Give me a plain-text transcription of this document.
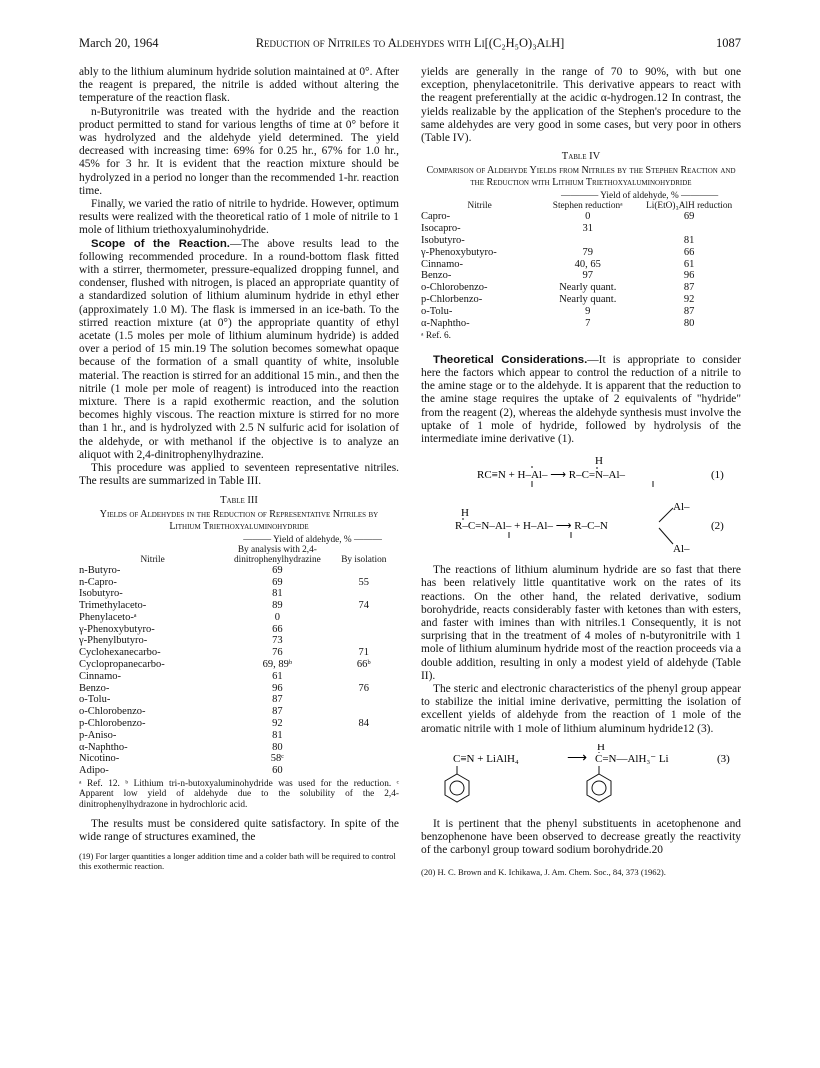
March 20, 1964	Reduction of Nitriles to Aldehydes with Li[(C₂H₅O)₃AlH]	1087

ably to the lithium aluminum hydride solution maintained at 0°. After the reagent is prepared, the nitrile is added without altering the temperature of the reaction flask.

n-Butyronitrile was treated with the hydride and the reaction product permitted to stand for various lengths of time at 0° before it was hydrolyzed and the aldehyde yield determined. The yield decreased with increasing time: 69% for 0.25 hr., 67% for 1.0 hr., 45% for 3 hr. It is evident that the reaction mixture should be hydrolyzed in a period no longer than the recommended 1-hr. reaction time.

Finally, we varied the ratio of nitrile to hydride. However, optimum results were realized with the theoretical ratio of 1 mole of nitrile to 1 mole of lithium triethoxyaluminohydride.

Scope of the Reaction.—The above results lead to the following recommended procedure. In a round-bottom flask fitted with a stirrer, thermometer, pressure-equalized dropping funnel, and condenser, flushed with nitrogen, is placed an appropriate quantity of a standardized solution of lithium aluminum hydride in ethyl ether (approximately 1.0 M). The flask is immersed in an ice-bath. To the stirred reaction mixture (at 0°) the appropriate quantity of ethyl acetate (1.5 moles per mole of lithium aluminum hydride) is added over a period of 15 min.19 The solution becomes somewhat opaque because of the formation of a small quantity of white, insoluble material. The reaction is stirred for an additional 15 min., and then the nitrile (1 mole per mole of reagent) is introduced into the reaction mixture. There is a rapid exothermic reaction, and the solution becomes highly viscous. The reaction mixture is stirred for no more than 1 hr., and is hydrolyzed with 2.5 N sulfuric acid for isolation of the aldehyde, or with methanol if the objective is to analyze an aliquot with 2,4-dinitrophenylhydrazine.

This procedure was applied to seventeen representative nitriles. The results are summarized in Table III.

Table III
Yields of Aldehydes in the Reduction of Representative Nitriles by Lithium Triethoxyaluminohydride
	——— Yield of aldehyde, % ———	
Nitrile	By analysis with 2,4-dinitrophenylhydrazine	By isolation
n-Butyro-	69	
n-Capro-	69	55
Isobutyro-	81	
Trimethylaceto-	89	74
Phenylaceto-ᵃ	0	
γ-Phenoxybutyro-	66	
γ-Phenylbutyro-	73	
Cyclohexanecarbo-	76	71
Cyclopropanecarbo-	69, 89ᵇ	66ᵇ
Cinnamo-	61	
Benzo-	96	76
o-Tolu-	87	
o-Chlorobenzo-	87	
p-Chlorobenzo-	92	84
p-Aniso-	81	
α-Naphtho-	80	
Nicotino-	58ᶜ	
Adipo-	60	
ᵃ Ref. 12. ᵇ Lithium tri-n-butoxyaluminohydride was used for the reduction. ᶜ Apparent low yield of aldehyde due to the solubility of the 2,4-dinitrophenylhydrazone in hydrochloric acid.

The results must be considered quite satisfactory. In spite of the wide range of structures examined, the

(19) For larger quantities a longer addition time and a colder bath will be required to control this exothermic reaction.

yields are generally in the range of 70 to 90%, with but one exception, phenylacetonitrile. This derivative appears to react with the reagent preferentially at the acidic α-hydrogen.12 In contrast, the yields realizable by the application of the Stephen's procedure to the same aldehydes are very good in some cases, but very poor in others (Table IV).

Table IV
Comparison of Aldehyde Yields from Nitriles by the Stephen Reaction and the Reduction with Lithium Triethoxyaluminohydride
	———— Yield of aldehyde, % ————	
Nitrile	Stephen reductionᵃ	Li(EtO)₃AlH reduction
Capro-	0	69
Isocapro-	31	
Isobutyro-		81
γ-Phenoxybutyro-	79	66
Cinnamo-	40, 65	61
Benzo-	97	96
o-Chlorobenzo-	Nearly quant.	87
p-Chlorbenzo-	Nearly quant.	92
o-Tolu-	9	87
α-Naphtho-	7	80
ᵃ Ref. 6.

Theoretical Considerations.—It is appropriate to consider here the factors which appear to control the reduction of a nitrile to the amine stage or to the aldehyde. It is apparent that the reduction to the amine stage requires the uptake of 2 equivalents of "hydride" from the reagent (2), whereas the aldehyde synthesis must involve the uptake of 1 mole of hydride, followed by hydrolysis of the intermediate imine derivative (1).

H
RC≡N + H–Al– ⟶ R–C=N–Al–	(1)
H
R–C=N–Al– + H–Al– ⟶ R–C–N
Al–
Al–
(2)

The reactions of lithium aluminum hydride are so fast that there has been relatively little quantitative work on the rates of its reactions. On the other hand, the related derivative, sodium borohydride, reacts considerably faster with ketones than with esters, and faster with imines than with nitriles.1 Consequently, it is not surprising that in the treatment of 4 moles of n-butyronitrile with 1 mole of lithium aluminum hydride most of the reaction proceeds via a double addition, resulting in only a modest yield of aldehyde (Table II).

The steric and electronic characteristics of the phenyl group appear to stabilize the initial imine derivative, permitting the isolation of excellent yields of aldehyde from the reaction of 1 mole of the aromatic nitrile with 1 mole of lithium aluminum hydride12 (3).

C≡N + LiAlH₄	⟶
H
C=N—AlH₃⁻ Li	(3)

It is pertinent that the phenyl substituents in acetophenone and benzophenone have been observed to decrease greatly the reactivity of the carbonyl group toward sodium borohydride.20

(20) H. C. Brown and K. Ichikawa, J. Am. Chem. Soc., 84, 373 (1962).
